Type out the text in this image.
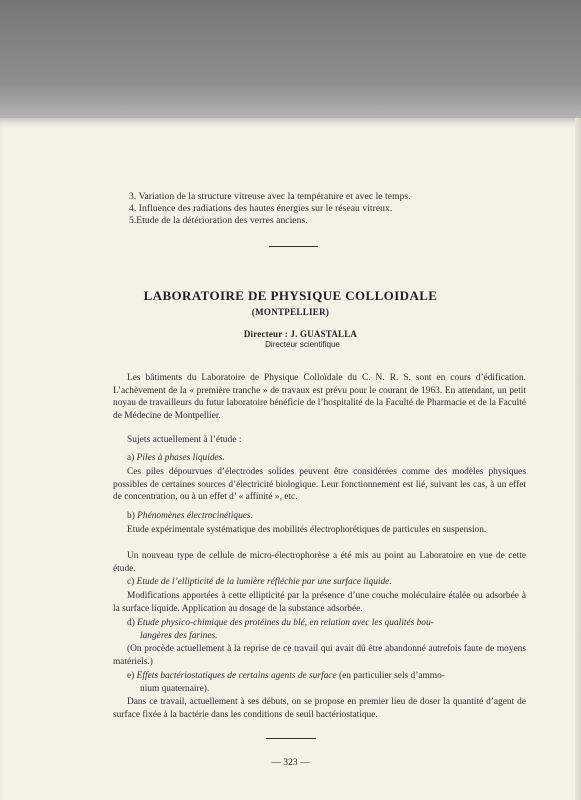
3. Variation de la structure vitreuse avec la température et avec le temps.
4. Influence des radiations des hautes énergies sur le réseau vitreux.
5.Etude de la détérioration des verres anciens.
LABORATOIRE DE PHYSIQUE COLLOIDALE
(MONTPELLIER)
Directeur : J. GUASTALLA
Directeur scientifique
Les bâtiments du Laboratoire de Physique Colloïdale du C. N. R. S. sont en cours d’édification. L’achèvement de la « première tranche » de travaux est prévu pour le courant de 1963. En attendant, un petit noyau de travailleurs du futur laboratoire bénéficie de l’hospitalité de la Faculté de Pharmacie et de la Faculté de Médecine de Montpellier.
Sujets actuellement à l’étude :
a) Piles à phases liquides.
Ces piles dépourvues d’électrodes solides peuvent être considérées comme des modèles physiques possibles de certaines sources d’électricité biologique. Leur fonctionnement est lié, suivant les cas, à un effet de concentration, ou à un effet d’ « affinité », etc.
b) Phénomènes électrocinétiques.
Etude expérimentale systématique des mobilités électrophorétiques de particules en suspension.
Un nouveau type de cellule de micro-électrophorèse a été mis au point au Laboratoire en vue de cette étude.
c) Etude de l’ellipticité de la lumière réfléchie par une surface liquide.
Modifications apportées à cette ellipticité par la présence d’une couche moléculaire étalée ou adsorbée à la surface liquide. Application au dosage de la substance adsorbée.
d) Etude physico-chimique des protéines du blé, en relation avec les qualités bou-
langères des farines.
(On procède actuellement à la reprise de ce travail qui avait dû être abandonné autrefois faute de moyens matériels.)
e) Effets bactériostatiques de certains agents de surface (en particulier sels d’ammo-
nium quaternaire).
Dans ce travail, actuellement à ses débuts, on se propose en premier lieu de doser la quantité d’agent de surface fixée à la bactérie dans les conditions de seuil bactériostatique.
— 323 —
